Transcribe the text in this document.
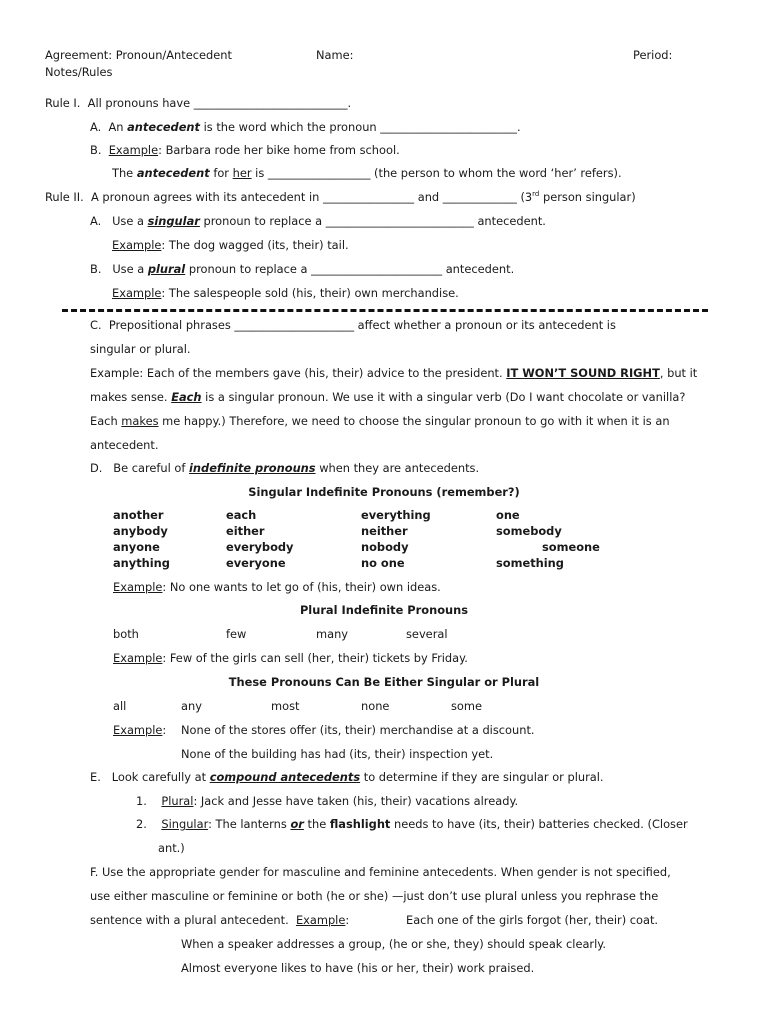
Agreement: Pronoun/Antecedent	Name:	Period:
Notes/Rules
Rule I. All pronouns have ___________________________.
A. An antecedent is the word which the pronoun ________________________.
B. Example: Barbara rode her bike home from school.
The antecedent for her is __________________ (the person to whom the word ‘her’ refers).
Rule II. A pronoun agrees with its antecedent in ________________ and _____________ (3rd person singular)
A. Use a singular pronoun to replace a __________________________ antecedent.
Example: The dog wagged (its, their) tail.
B. Use a plural pronoun to replace a _______________________ antecedent.
Example: The salespeople sold (his, their) own merchandise.
C. Prepositional phrases _____________________ affect whether a pronoun or its antecedent is
singular or plural.
Example: Each of the members gave (his, their) advice to the president. IT WON’T SOUND RIGHT, but it
makes sense. Each is a singular pronoun. We use it with a singular verb (Do I want chocolate or vanilla?
Each makes me happy.) Therefore, we need to choose the singular pronoun to go with it when it is an
antecedent.
D. Be careful of indefinite pronouns when they are antecedents.
Singular Indefinite Pronouns (remember?)
another	each	everything	one
anybody	either	neither	somebody
anyone	everybody	nobody	someone
anything	everyone	no one	something
Example: No one wants to let go of (his, their) own ideas.
Plural Indefinite Pronouns
both	few	many	several
Example: Few of the girls can sell (her, their) tickets by Friday.
These Pronouns Can Be Either Singular or Plural
all	any	most	none	some
Example: None of the stores offer (its, their) merchandise at a discount.
None of the building has had (its, their) inspection yet.
E. Look carefully at compound antecedents to determine if they are singular or plural.
1. Plural: Jack and Jesse have taken (his, their) vacations already.
2. Singular: The lanterns or the flashlight needs to have (its, their) batteries checked. (Closer
ant.)
F. Use the appropriate gender for masculine and feminine antecedents. When gender is not specified,
use either masculine or feminine or both (he or she) —just don’t use plural unless you rephrase the
sentence with a plural antecedent. Example:	Each one of the girls forgot (her, their) coat.
When a speaker addresses a group, (he or she, they) should speak clearly.
Almost everyone likes to have (his or her, their) work praised.
